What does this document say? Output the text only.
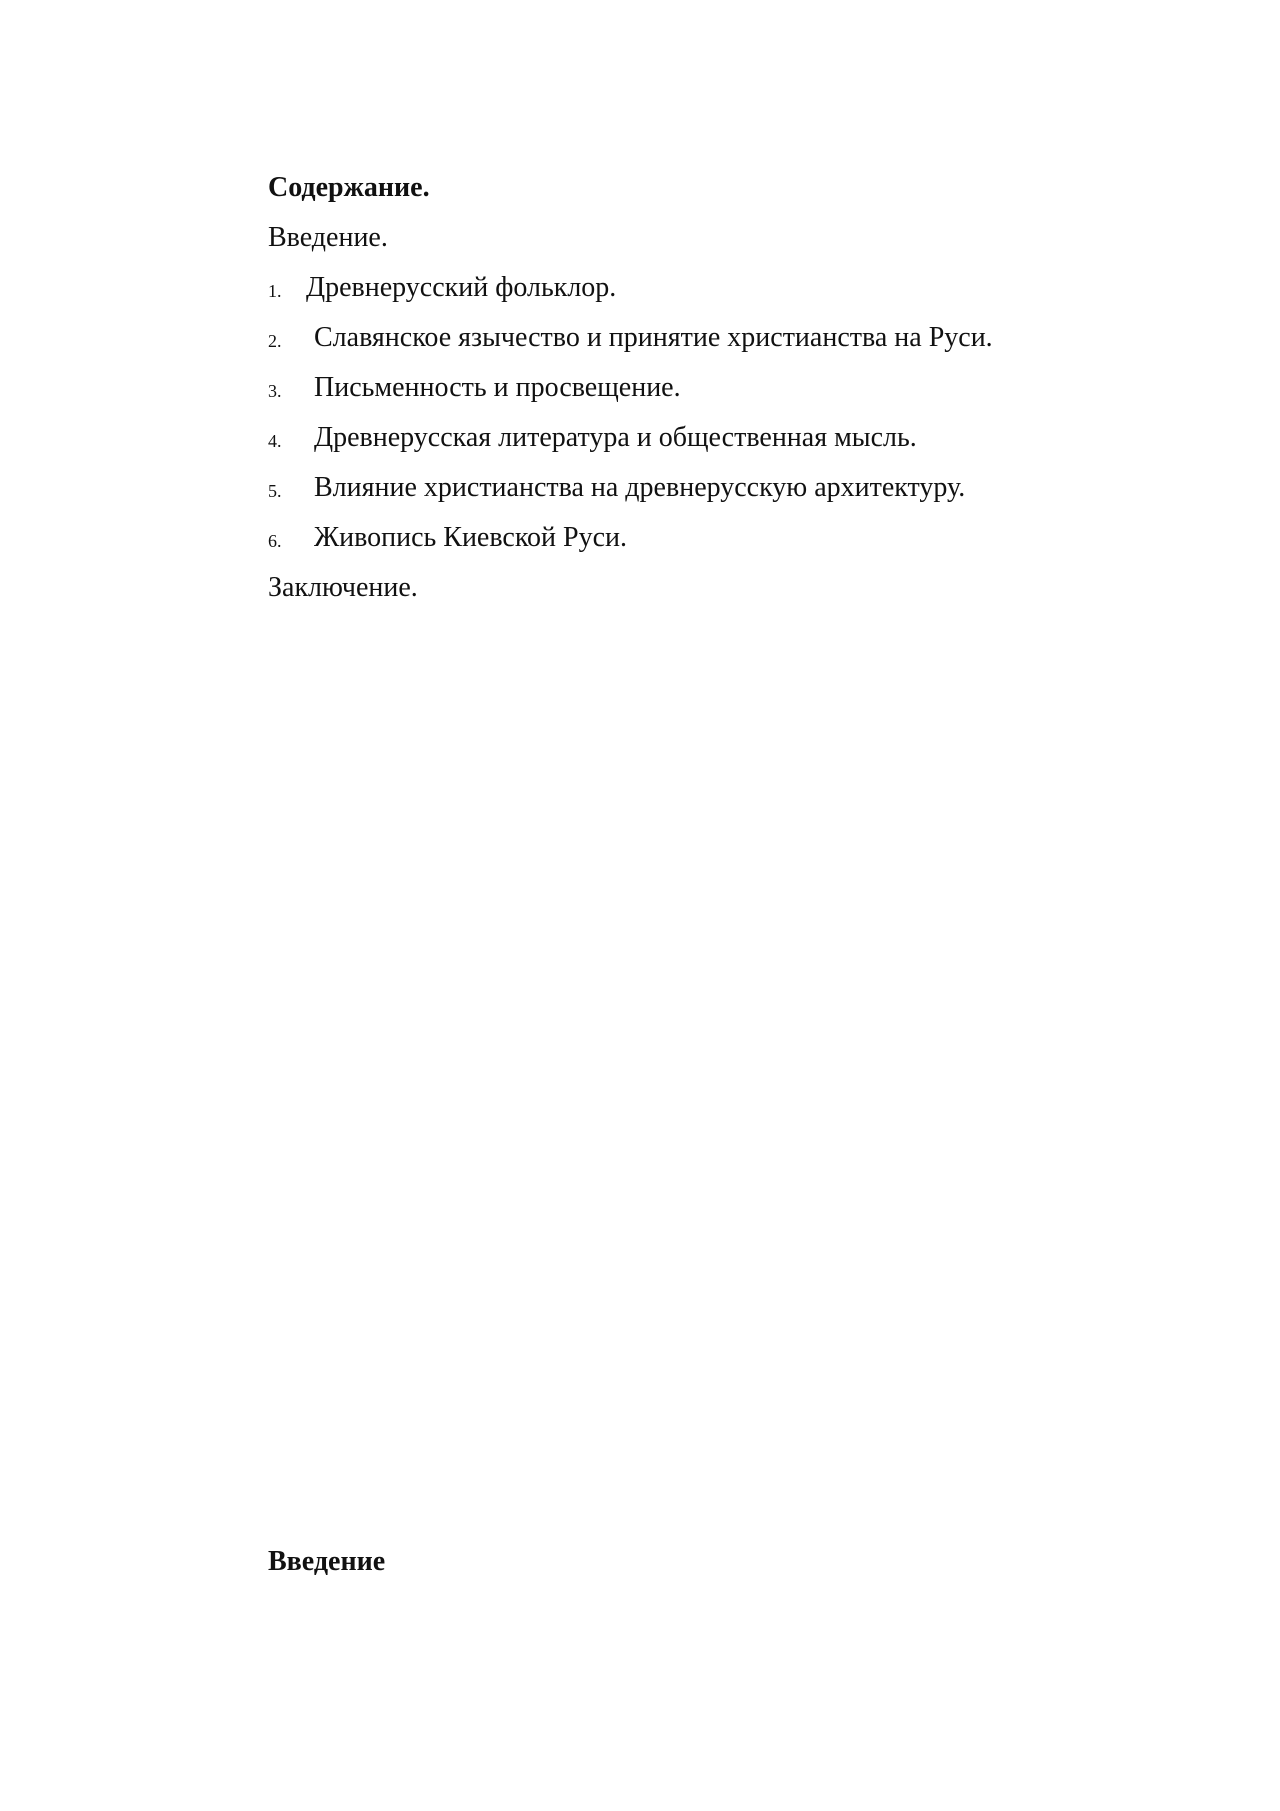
Содержание.
Введение.
1. Древнерусский фольклор.
2. Славянское язычество и принятие христианства на Руси.
3. Письменность и просвещение.
4. Древнерусская литература и общественная мысль.
5. Влияние христианства на древнерусскую архитектуру.
6. Живопись Киевской Руси.
Заключение.
Введение
